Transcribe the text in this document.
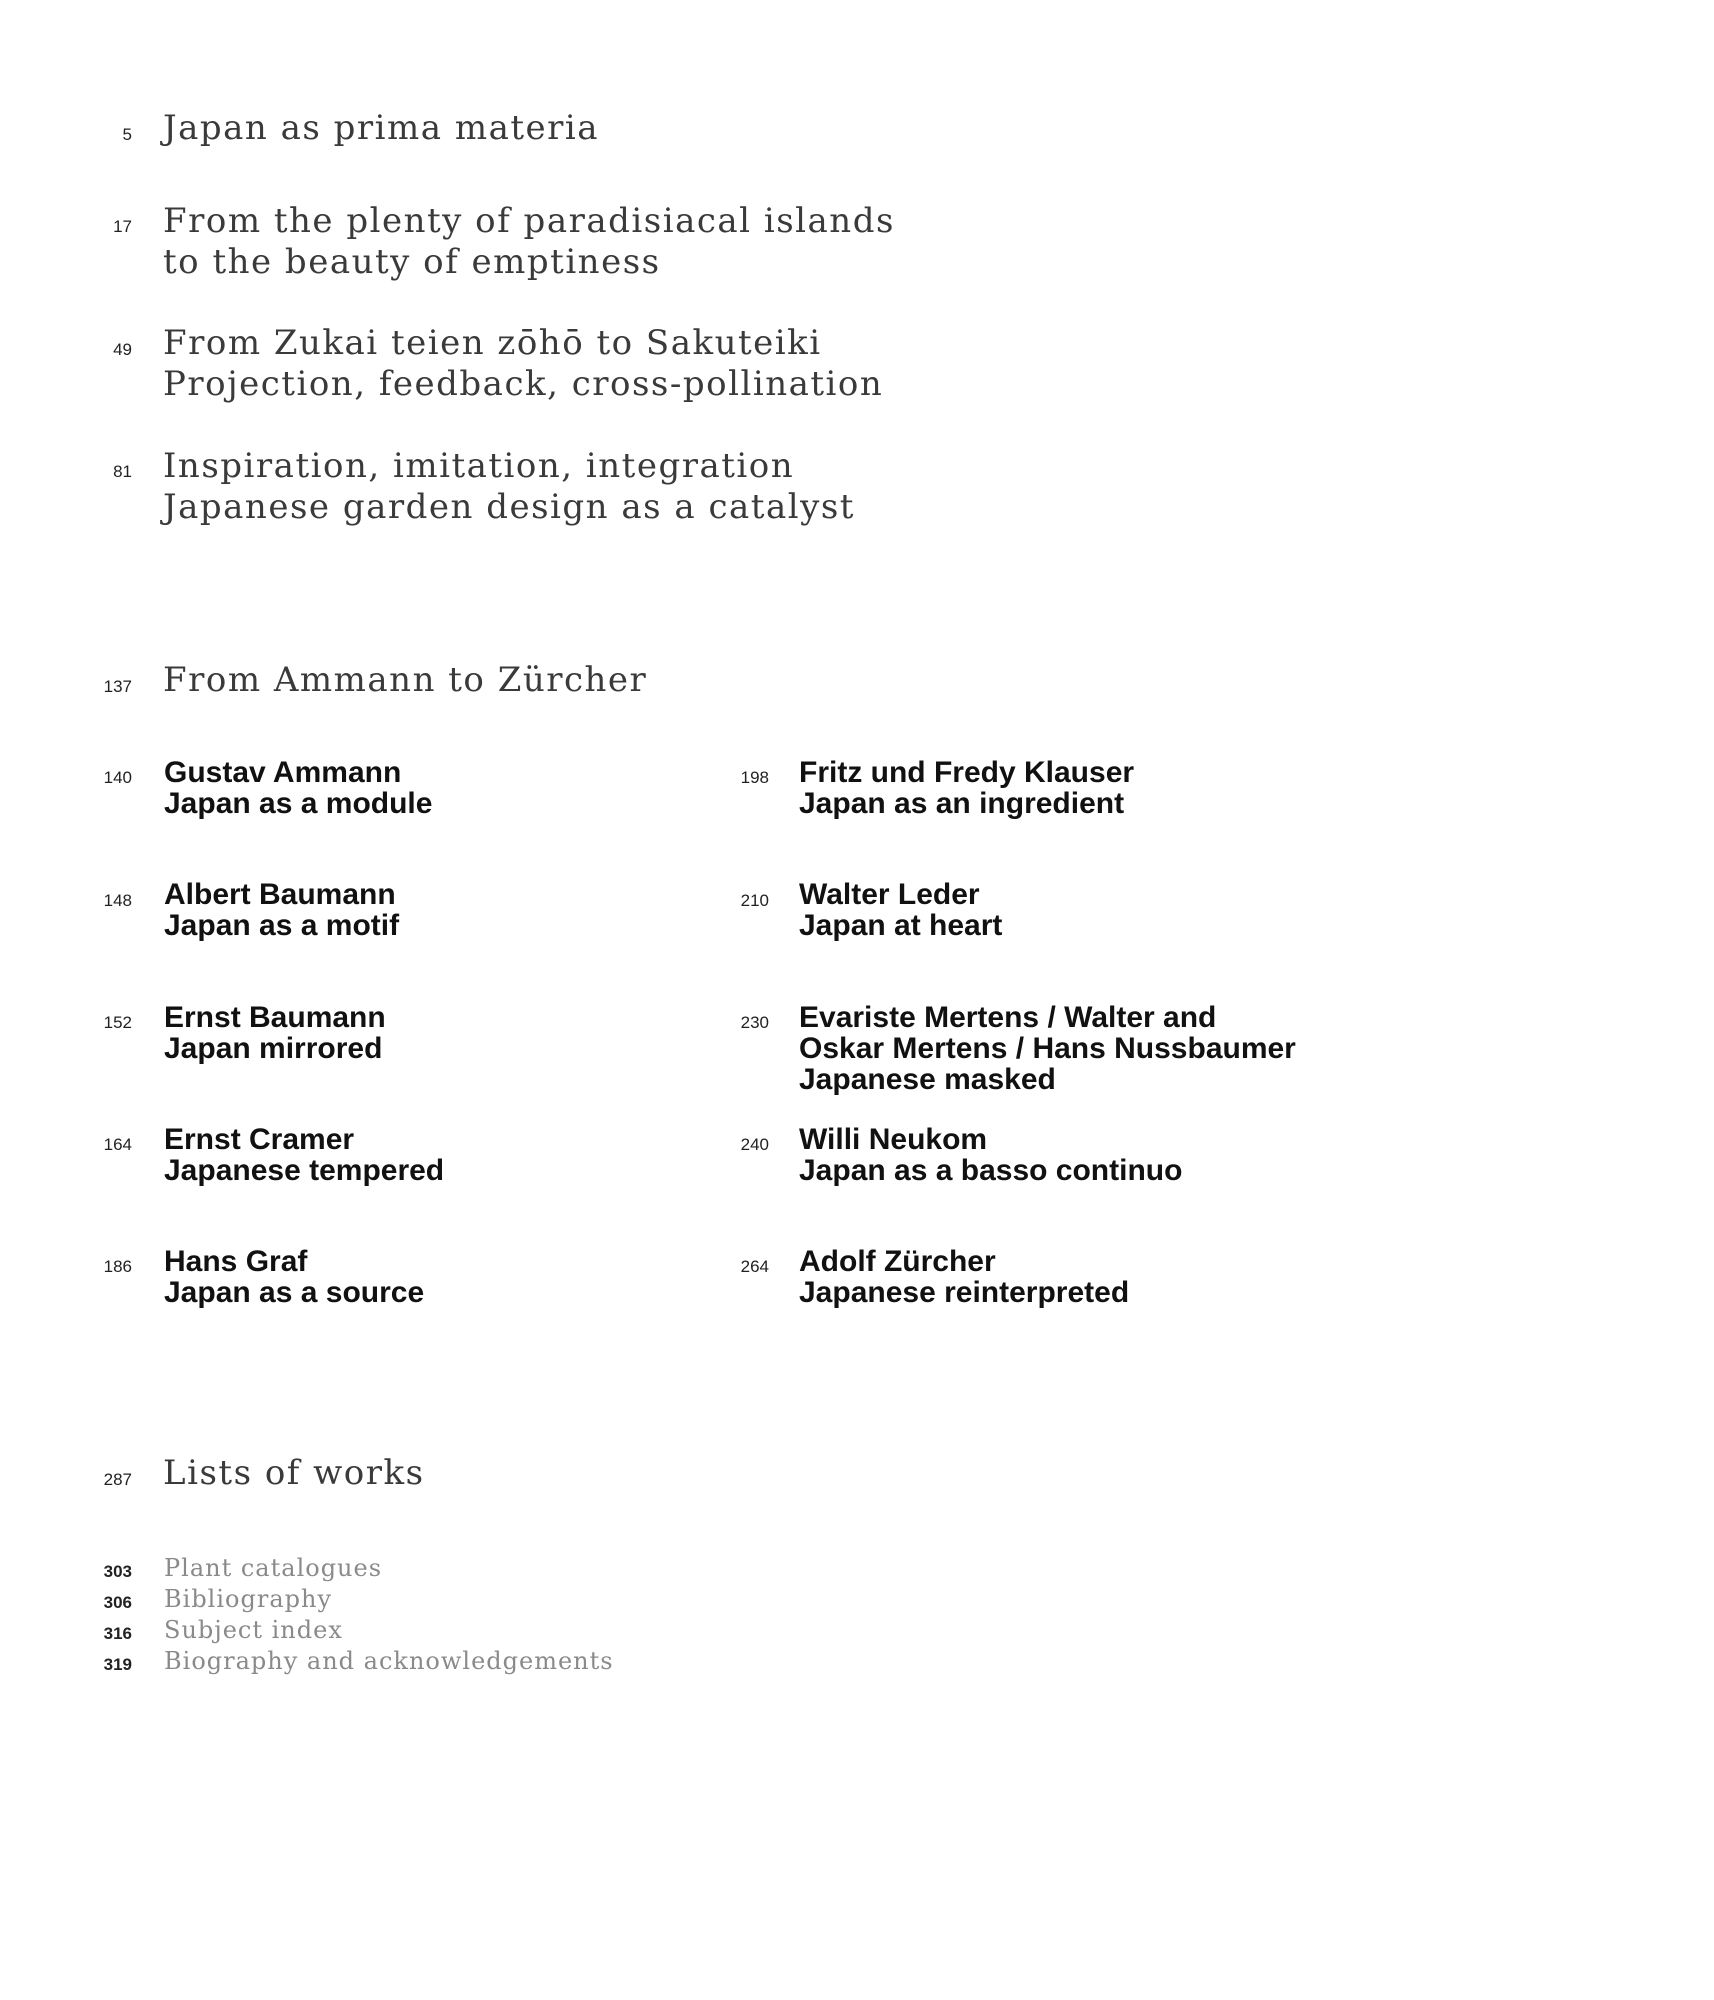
5 Japan as prima materia
17 From the plenty of paradisiacal islands
to the beauty of emptiness
49 From Zukai teien zōhō to Sakuteiki
Projection, feedback, cross-pollination
81 Inspiration, imitation, integration
Japanese garden design as a catalyst
137 From Ammann to Zürcher
140 Gustav Ammann
Japan as a module
148 Albert Baumann
Japan as a motif
152 Ernst Baumann
Japan mirrored
164 Ernst Cramer
Japanese tempered
186 Hans Graf
Japan as a source
198 Fritz und Fredy Klauser
Japan as an ingredient
210 Walter Leder
Japan at heart
230 Evariste Mertens / Walter and
Oskar Mertens / Hans Nussbaumer
Japanese masked
240 Willi Neukom
Japan as a basso continuo
264 Adolf Zürcher
Japanese reinterpreted
287 Lists of works
303 Plant catalogues
306 Bibliography
316 Subject index
319 Biography and acknowledgements
